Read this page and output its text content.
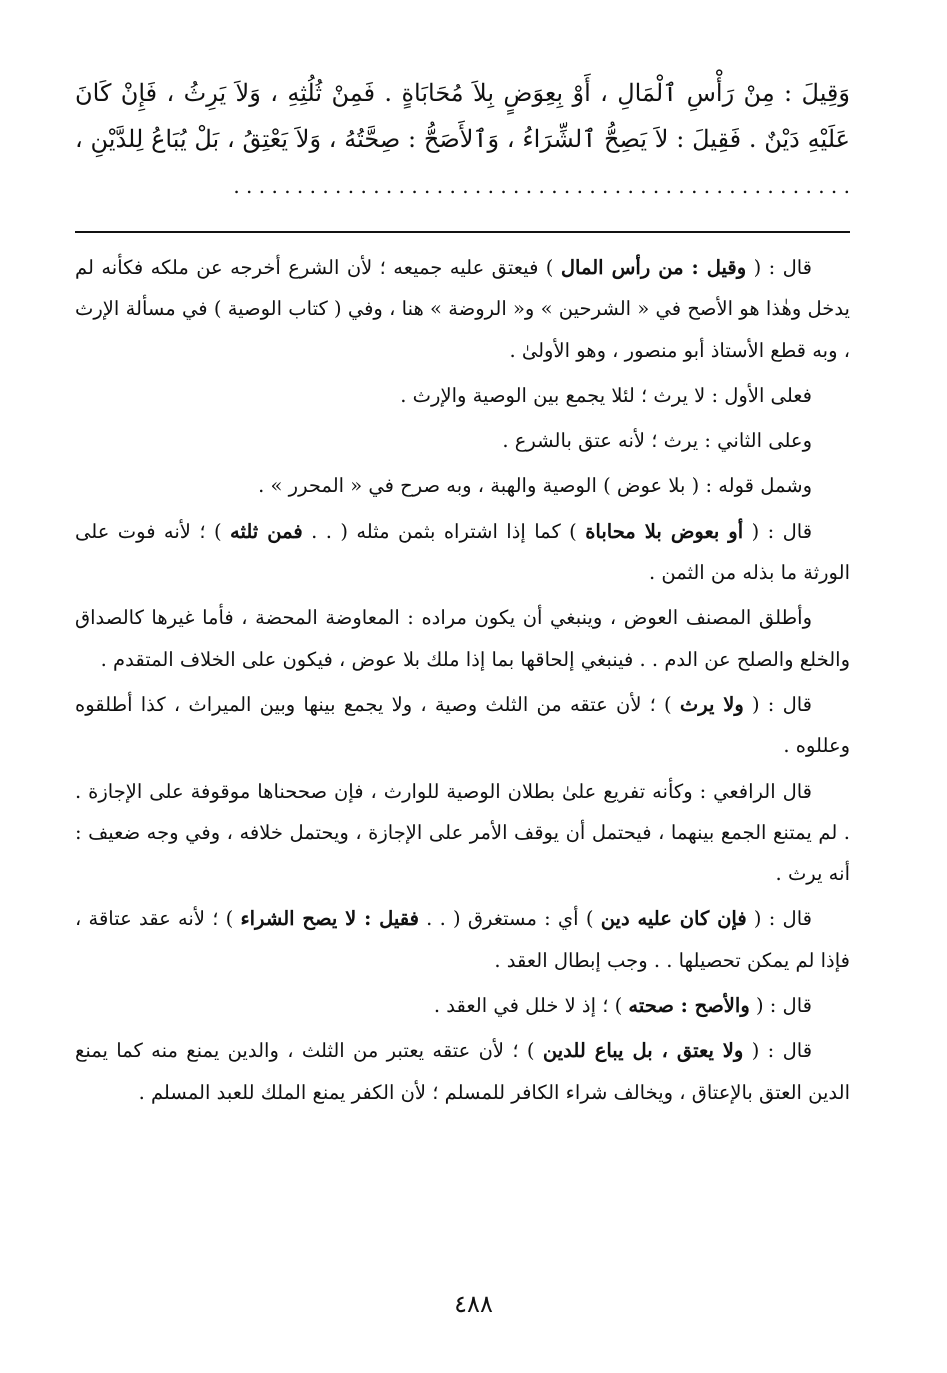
وَقِيلَ : مِنْ رَأْسِ ٱلْمَالِ ، أَوْ بِعِوَضٍ بِلاَ مُحَابَاةٍ . فَمِنْ ثُلُثِهِ ، وَلاَ يَرِثُ ، فَإِنْ كَانَ عَلَيْهِ دَيْنٌ . فَقِيلَ : لاَ يَصِحُّ ٱلشِّرَاءُ ، وَٱلأَصَحُّ : صِحَّتُهُ ، وَلاَ يَعْتِقُ ، بَلْ يُبَاعُ لِلدَّيْنِ ، . . . . . . . . . . . . . . . . . . . . . . . . . . . . . . . . . . . . . . . . . . . . . . . . .

قال : ( وقيل : من رأس المال ) فيعتق عليه جميعه ؛ لأن الشرع أخرجه عن ملكه فكأنه لم يدخل وهٰذا هو الأصح في « الشرحين » و« الروضة » هنا ، وفي ( كتاب الوصية ) في مسألة الإرث ، وبه قطع الأستاذ أبو منصور ، وهو الأولىٰ .

فعلى الأول : لا يرث ؛ لئلا يجمع بين الوصية والإرث .

وعلى الثاني : يرث ؛ لأنه عتق بالشرع .

وشمل قوله : ( بلا عوض ) الوصية والهبة ، وبه صرح في « المحرر » .

قال : ( أو بعوض بلا محاباة ) كما إذا اشتراه بثمن مثله ( . . فمن ثلثه ) ؛ لأنه فوت على الورثة ما بذله من الثمن .

وأطلق المصنف العوض ، وينبغي أن يكون مراده : المعاوضة المحضة ، فأما غيرها كالصداق والخلع والصلح عن الدم . . فينبغي إلحاقها بما إذا ملك بلا عوض ، فيكون على الخلاف المتقدم .

قال : ( ولا يرث ) ؛ لأن عتقه من الثلث وصية ، ولا يجمع بينها وبين الميراث ، كذا أطلقوه وعللوه .

قال الرافعي : وكأنه تفريع علىٰ بطلان الوصية للوارث ، فإن صححناها موقوفة على الإجازة . . لم يمتنع الجمع بينهما ، فيحتمل أن يوقف الأمر على الإجازة ، ويحتمل خلافه ، وفي وجه ضعيف : أنه يرث .

قال : ( فإن كان عليه دين ) أي : مستغرق ( . . فقيل : لا يصح الشراء ) ؛ لأنه عقد عتاقة ، فإذا لم يمكن تحصيلها . . وجب إبطال العقد .

قال : ( والأصح : صحته ) ؛ إذ لا خلل في العقد .

قال : ( ولا يعتق ، بل يباع للدين ) ؛ لأن عتقه يعتبر من الثلث ، والدين يمنع منه كما يمنع الدين العتق بالإعتاق ، ويخالف شراء الكافر للمسلم ؛ لأن الكفر يمنع الملك للعبد المسلم .

٤٨٨
